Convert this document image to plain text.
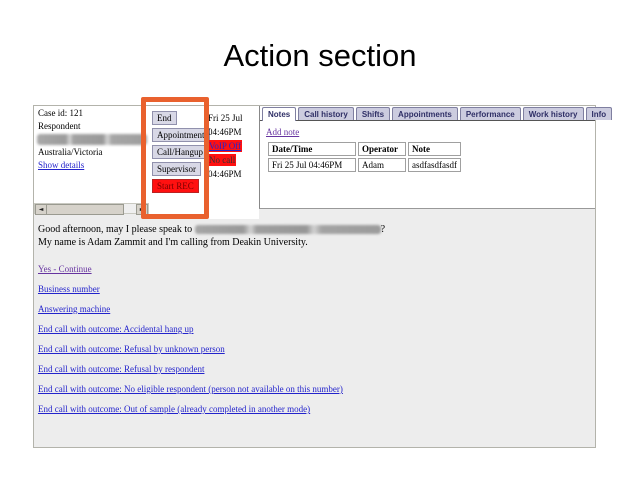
Action section
Case id: 121
Respondent
Australia/Victoria
Show details
◄	►
End
Appointment
Call/Hangup
Supervisor
Start REC
Fri 25 Jul
04:46PM
VoIP Off No call
04:46PM
Notes	Call history	Shifts	Appointments	Performance	Work history	Info
Add note
Date/Time	Operator	Note
Fri 25 Jul 04:46PM	Adam	asdfasdfasdf
Good afternoon, may I please speak to	?
My name is Adam Zammit and I'm calling from Deakin University.
Yes - Continue
Business number
Answering machine
End call with outcome: Accidental hang up
End call with outcome: Refusal by unknown person
End call with outcome: Refusal by respondent
End call with outcome: No eligible respondent (person not available on this number)
End call with outcome: Out of sample (already completed in another mode)
